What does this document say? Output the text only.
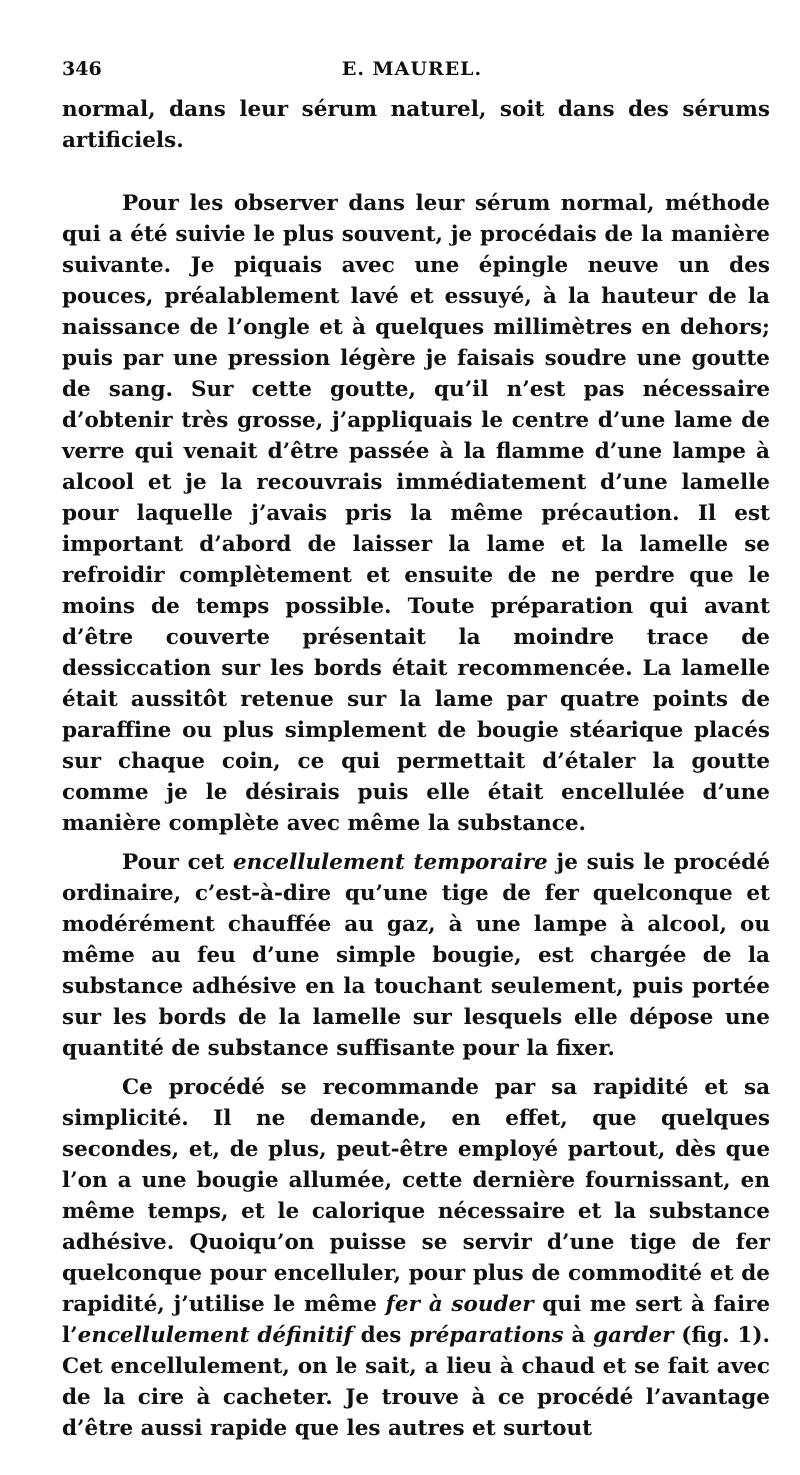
346	E. MAUREL.

normal, dans leur sérum naturel, soit dans des sérums artificiels.

Pour les observer dans leur sérum normal, méthode qui a été suivie le plus souvent, je procédais de la manière suivante. Je piquais avec une épingle neuve un des pouces, préalablement lavé et essuyé, à la hauteur de la naissance de l’ongle et à quelques millimètres en dehors; puis par une pression légère je faisais soudre une goutte de sang. Sur cette goutte, qu’il n’est pas nécessaire d’obtenir très grosse, j’appliquais le centre d’une lame de verre qui venait d’être passée à la flamme d’une lampe à alcool et je la recouvrais immédiatement d’une lamelle pour laquelle j’avais pris la même précaution. Il est important d’abord de laisser la lame et la lamelle se refroidir complètement et ensuite de ne perdre que le moins de temps possible. Toute préparation qui avant d’être couverte présentait la moindre trace de dessiccation sur les bords était recommencée. La lamelle était aussitôt retenue sur la lame par quatre points de paraffine ou plus simplement de bougie stéarique placés sur chaque coin, ce qui permettait d’étaler la goutte comme je le désirais puis elle était encellulée d’une manière complète avec même la substance.

Pour cet encellulement temporaire je suis le procédé ordinaire, c’est-à-dire qu’une tige de fer quelconque et modérément chauffée au gaz, à une lampe à alcool, ou même au feu d’une simple bougie, est chargée de la substance adhésive en la touchant seulement, puis portée sur les bords de la lamelle sur lesquels elle dépose une quantité de substance suffisante pour la fixer.

Ce procédé se recommande par sa rapidité et sa simplicité. Il ne demande, en effet, que quelques secondes, et, de plus, peut-être employé partout, dès que l’on a une bougie allumée, cette dernière fournissant, en même temps, et le calorique nécessaire et la substance adhésive. Quoiqu’on puisse se servir d’une tige de fer quelconque pour encelluler, pour plus de commodité et de rapidité, j’utilise le même fer à souder qui me sert à faire l’encellulement définitif des préparations à garder (fig. 1). Cet encellulement, on le sait, a lieu à chaud et se fait avec de la cire à cacheter. Je trouve à ce procédé l’avantage d’être aussi rapide que les autres et surtout
